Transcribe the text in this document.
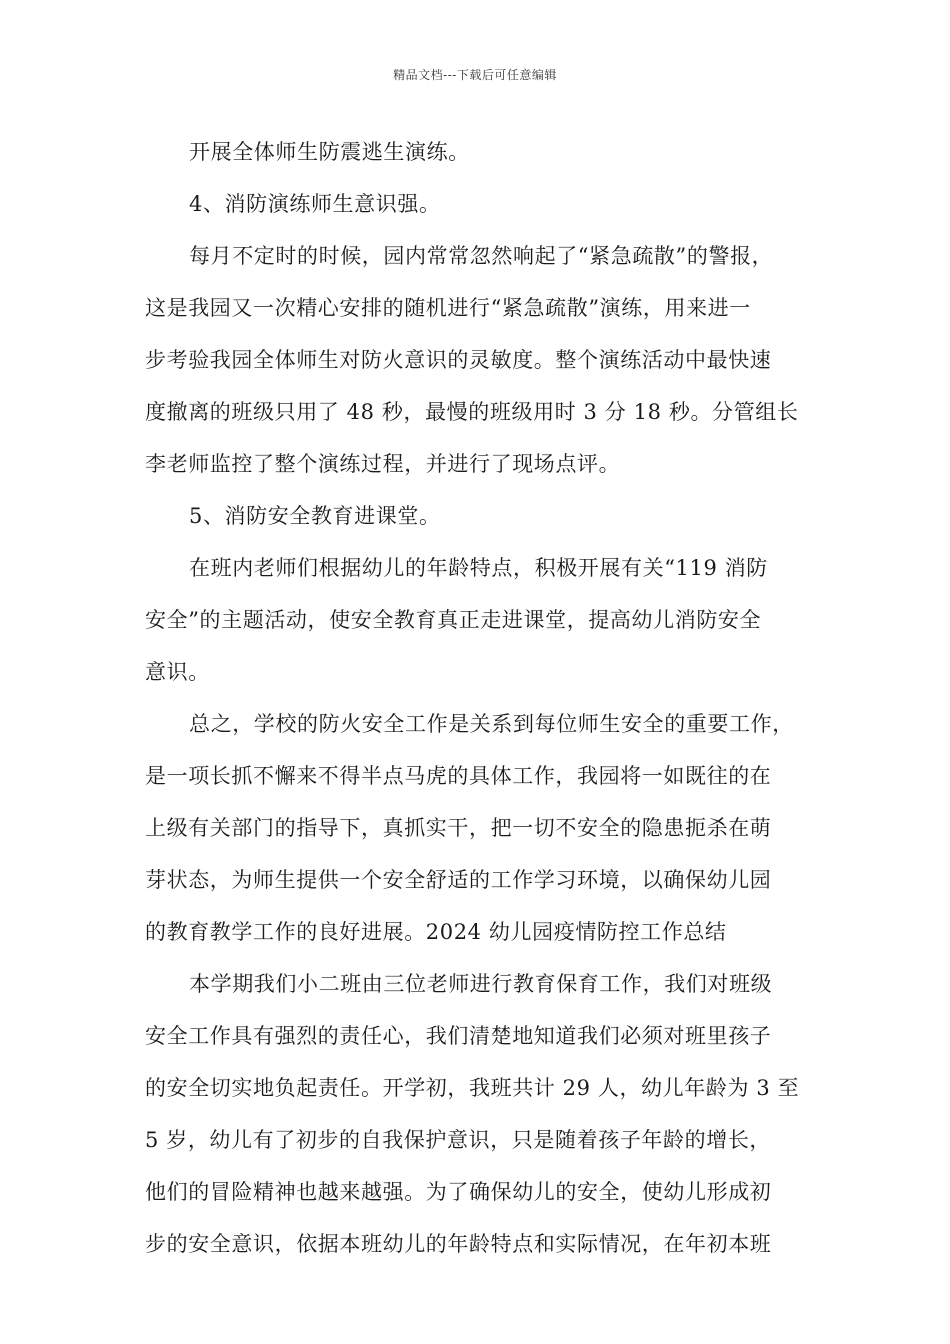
精品文档---下载后可任意编辑
开展全体师生防震逃生演练。
4、消防演练师生意识强。
每月不定时的时候，园内常常忽然响起了“紧急疏散”的警报，
这是我园又一次精心安排的随机进行“紧急疏散”演练，用来进一
步考验我园全体师生对防火意识的灵敏度。整个演练活动中最快速
度撤离的班级只用了 48 秒，最慢的班级用时 3 分 18 秒。分管组长
李老师监控了整个演练过程，并进行了现场点评。
5、消防安全教育进课堂。
在班内老师们根据幼儿的年龄特点，积极开展有关“119 消防
安全”的主题活动，使安全教育真正走进课堂，提高幼儿消防安全
意识。
总之，学校的防火安全工作是关系到每位师生安全的重要工作，
是一项长抓不懈来不得半点马虎的具体工作，我园将一如既往的在
上级有关部门的指导下，真抓实干，把一切不安全的隐患扼杀在萌
芽状态，为师生提供一个安全舒适的工作学习环境，以确保幼儿园
的教育教学工作的良好进展。2024 幼儿园疫情防控工作总结
本学期我们小二班由三位老师进行教育保育工作，我们对班级
安全工作具有强烈的责任心，我们清楚地知道我们必须对班里孩子
的安全切实地负起责任。开学初，我班共计 29 人，幼儿年龄为 3 至
5 岁，幼儿有了初步的自我保护意识，只是随着孩子年龄的增长，
他们的冒险精神也越来越强。为了确保幼儿的安全，使幼儿形成初
步的安全意识，依据本班幼儿的年龄特点和实际情况，在年初本班
